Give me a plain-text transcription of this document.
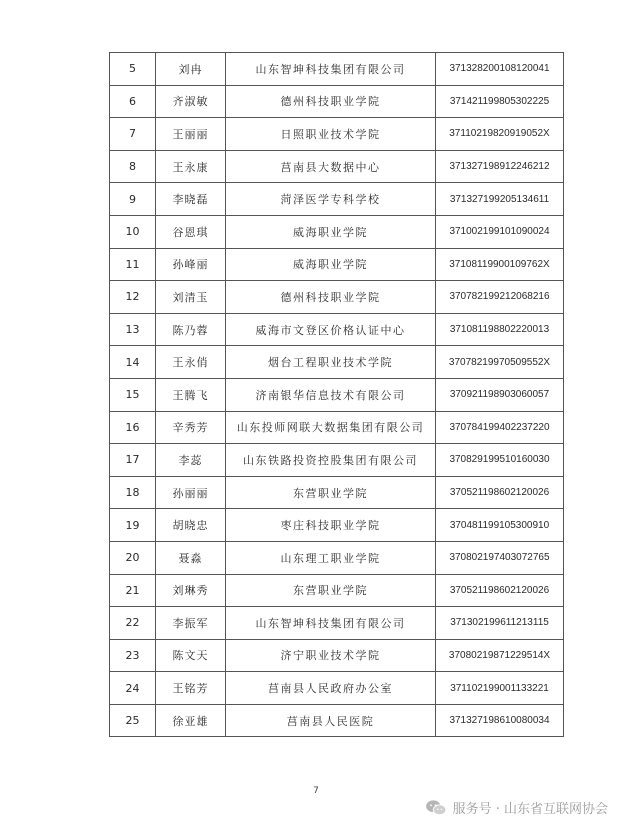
5	刘冉	山东智坤科技集团有限公司	371328200108120041
6	齐淑敏	德州科技职业学院	371421199805302225
7	王丽丽	日照职业技术学院	37110219820919052X
8	王永康	莒南县大数据中心	371327198912246212
9	李晓磊	菏泽医学专科学校	371327199205134611
10	谷恩琪	威海职业学院	371002199101090024
11	孙峰丽	威海职业学院	37108119900109762X
12	刘清玉	德州科技职业学院	370782199212068216
13	陈乃蓉	威海市文登区价格认证中心	371081198802220013
14	王永俏	烟台工程职业技术学院	37078219970509552X
15	王腾飞	济南银华信息技术有限公司	370921198903060057
16	辛秀芳	山东投师网联大数据集团有限公司	370784199402237220
17	李蕊	山东铁路投资控股集团有限公司	370829199510160030
18	孙丽丽	东营职业学院	370521198602120026
19	胡晓忠	枣庄科技职业学院	370481199105300910
20	聂淼	山东理工职业学院	370802197403072765
21	刘琳秀	东营职业学院	370521198602120026
22	李振军	山东智坤科技集团有限公司	371302199611213115
23	陈文天	济宁职业技术学院	37080219871229514X
24	王铭芳	莒南县人民政府办公室	371102199001133221
25	徐亚雄	莒南县人民医院	371327198610080034
7
服务号 · 山东省互联网协会
